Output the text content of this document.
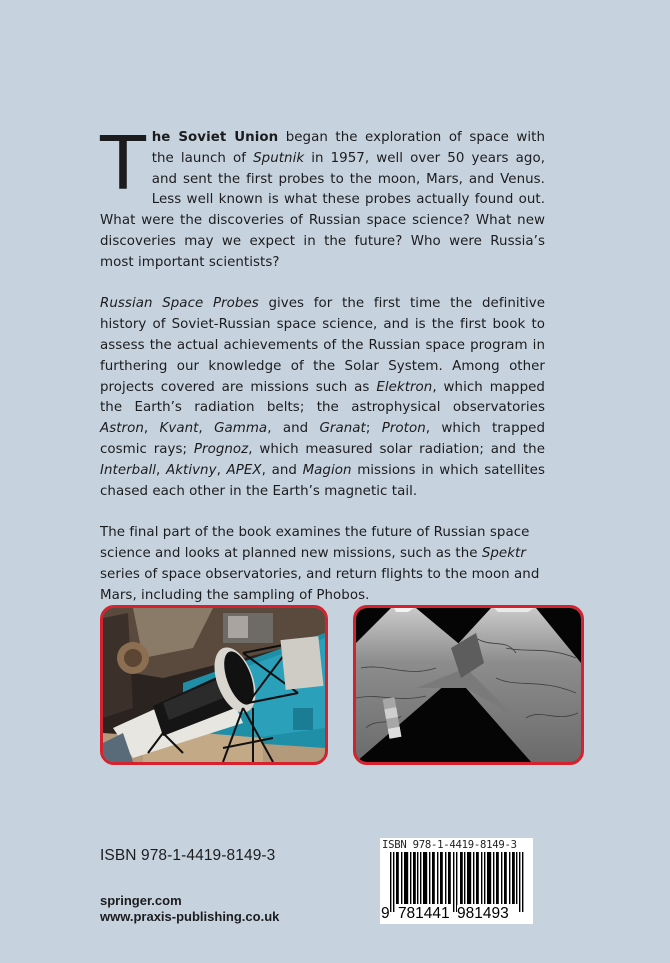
The Soviet Union began the exploration of space with the launch of Sputnik in 1957, well over 50 years ago, and sent the first probes to the moon, Mars, and Venus. Less well known is what these probes actually found out. What were the discoveries of Russian space science? What new discoveries may we expect in the future? Who were Russia’s most important scientists?

Russian Space Probes gives for the first time the definitive history of Soviet-Russian space science, and is the first book to assess the actual achievements of the Russian space program in furthering our knowledge of the Solar System. Among other projects covered are missions such as Elektron, which mapped the Earth’s radiation belts; the astrophysical observatories Astron, Kvant, Gamma, and Granat; Proton, which trapped cosmic rays; Prognoz, which measured solar radiation; and the Interball, Aktivny, APEX, and Magion missions in which satellites chased each other in the Earth’s magnetic tail.

The final part of the book examines the future of Russian space science and looks at planned new missions, such as the Spektr series of space observatories, and return flights to the moon and Mars, including the sampling of Phobos.

ISBN 978-1-4419-8149-3
springer.com
www.praxis-publishing.co.uk
ISBN 978-1-4419-8149-3
9 781441 981493
